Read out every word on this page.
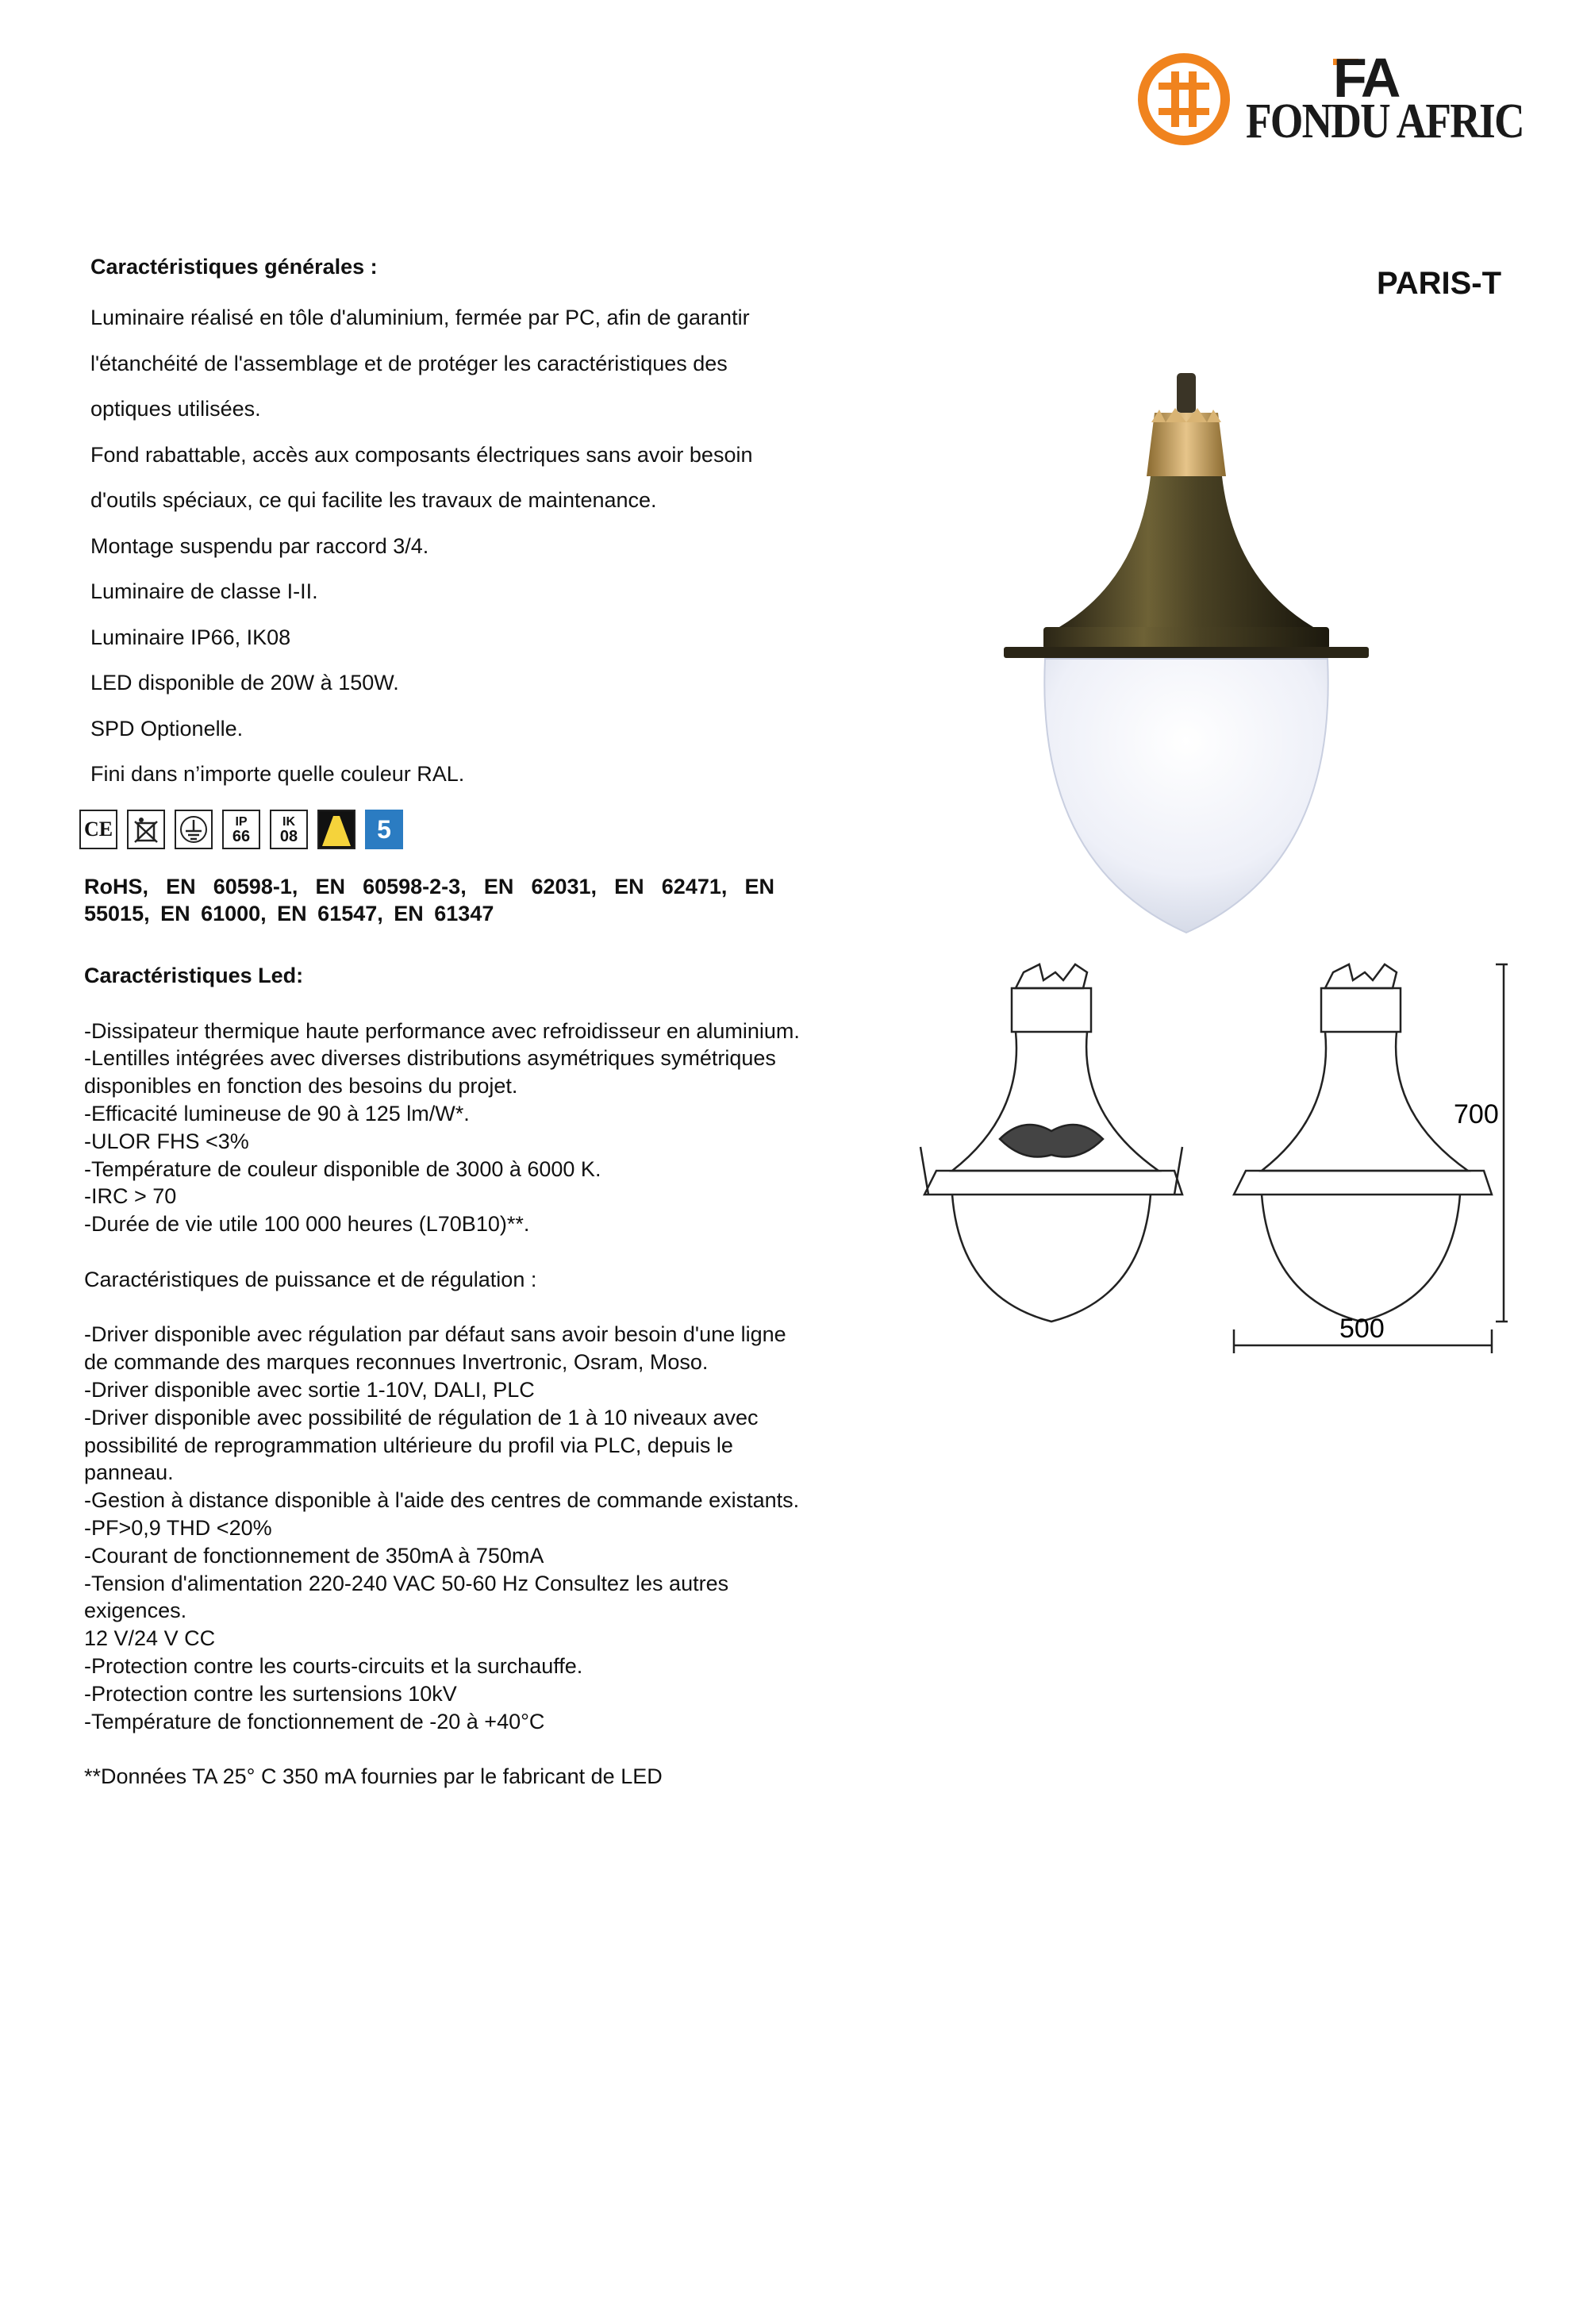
FA
FONDU AFRIC
PARIS-T
Caractéristiques générales :

Luminaire réalisé en tôle d'aluminium, fermée par PC, afin de garantir

l'étanchéité de l'assemblage et de protéger les caractéristiques des

optiques utilisées.

Fond rabattable, accès aux composants électriques sans avoir besoin

d'outils spéciaux, ce qui facilite les travaux de maintenance.

Montage suspendu par raccord 3/4.

Luminaire de classe I-II.

Luminaire IP66, IK08

LED disponible de 20W à 150W.

SPD Optionelle.

Fini dans n’importe quelle couleur RAL.

CE	IP
66
IK
08	5
RoHS, EN 60598-1, EN 60598-2-3, EN 62031, EN 62471, EN 55015, EN 61000, EN 61547, EN 61347

Caractéristiques Led:

-Dissipateur thermique haute performance avec refroidisseur en aluminium.

-Lentilles intégrées avec diverses distributions asymétriques symétriques disponibles en fonction des besoins du projet.

-Efficacité lumineuse de 90 à 125 lm/W*.

-ULOR FHS <3%

-Température de couleur disponible de 3000 à 6000 K.

-IRC > 70

-Durée de vie utile 100 000 heures (L70B10)**.

Caractéristiques de puissance et de régulation :

-Driver disponible avec régulation par défaut sans avoir besoin d'une ligne de commande des marques reconnues Invertronic, Osram, Moso.

-Driver disponible avec sortie 1-10V, DALI, PLC

-Driver disponible avec possibilité de régulation de 1 à 10 niveaux avec possibilité de reprogrammation ultérieure du profil via PLC, depuis le panneau.

-Gestion à distance disponible à l'aide des centres de commande existants.

-PF>0,9 THD <20%

-Courant de fonctionnement de 350mA à 750mA

-Tension d'alimentation 220-240 VAC 50-60 Hz Consultez les autres exigences.

12 V/24 V CC

-Protection contre les courts-circuits et la surchauffe.

-Protection contre les surtensions 10kV

-Température de fonctionnement de -20 à +40°C

**Données TA 25° C 350 mA fournies par le fabricant de LED

700
500
